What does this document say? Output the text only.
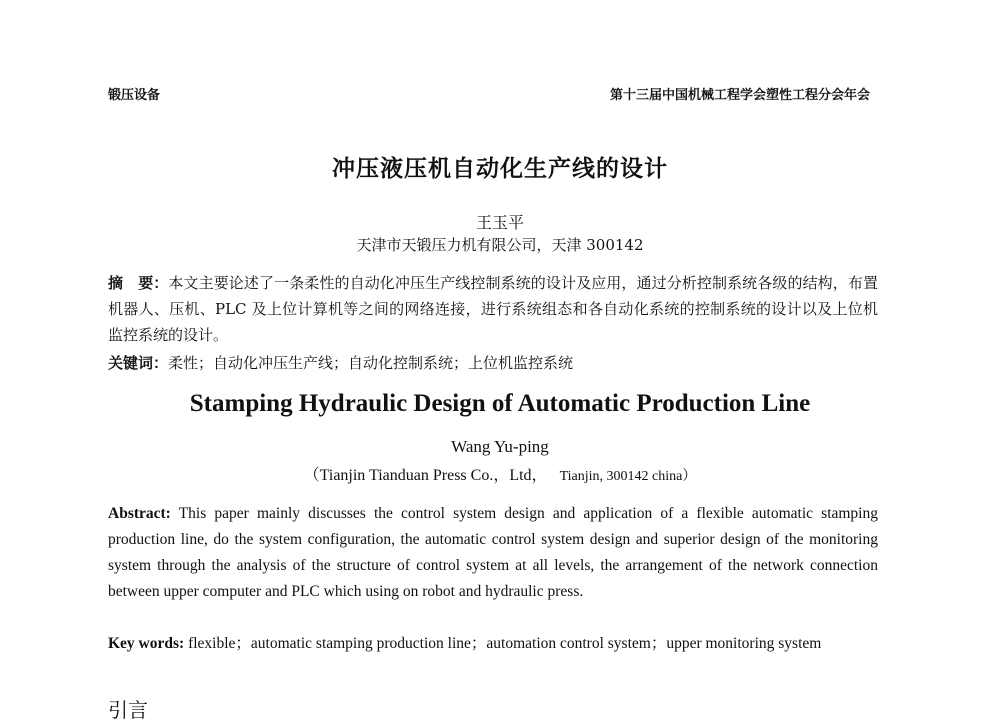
锻压设备	第十三届中国机械工程学会塑性工程分会年会
冲压液压机自动化生产线的设计
王玉平
天津市天锻压力机有限公司，天津 300142
摘　要：本文主要论述了一条柔性的自动化冲压生产线控制系统的设计及应用，通过分析控制系统各级的结构，布置机器人、压机、PLC 及上位计算机等之间的网络连接，进行系统组态和各自动化系统的控制系统的设计以及上位机监控系统的设计。
关键词：柔性；自动化冲压生产线；自动化控制系统；上位机监控系统
Stamping Hydraulic Design of Automatic Production Line
Wang Yu-ping
（Tianjin Tianduan Press Co.，Ltd， Tianjin, 300142 china）
Abstract: This paper mainly discusses the control system design and application of a flexible automatic stamping production line, do the system configuration, the automatic control system design and superior design of the monitoring system through the analysis of the structure of control system at all levels, the arrangement of the network connection between upper computer and PLC which using on robot and hydraulic press.
Key words: flexible；automatic stamping production line；automation control system；upper monitoring system
引言
